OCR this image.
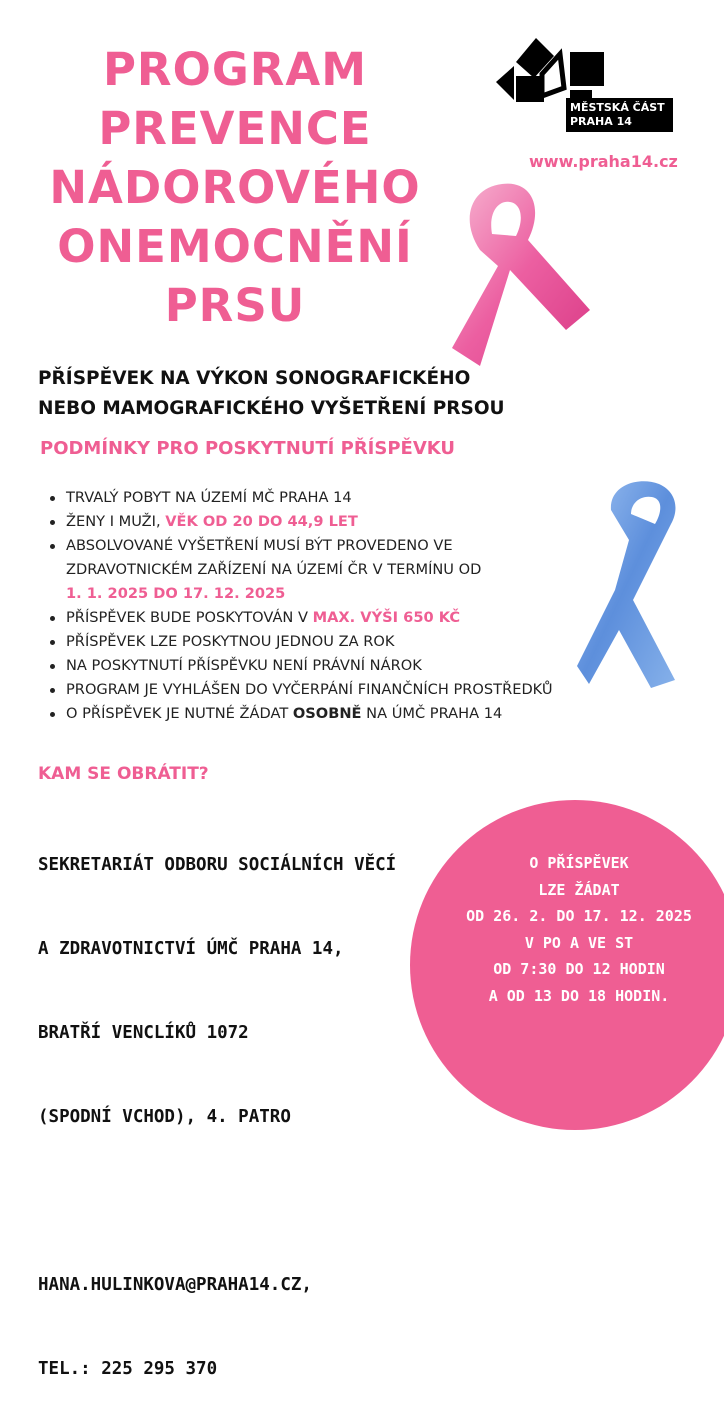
PROGRAM
PREVENCE
NÁDOROVÉHO
ONEMOCNĚNÍ
PRSU
MĚSTSKÁ ČÁST
PRAHA 14
www.praha14.cz
PŘÍSPĚVEK NA VÝKON SONOGRAFICKÉHO
NEBO MAMOGRAFICKÉHO VYŠETŘENÍ PRSOU
PODMÍNKY PRO POSKYTNUTÍ PŘÍSPĚVKU
TRVALÝ POBYT NA ÚZEMÍ MČ PRAHA 14
ŽENY I MUŽI, VĚK OD 20 DO 44,9 LET
ABSOLVOVANÉ VYŠETŘENÍ MUSÍ BÝT PROVEDENO VE
ZDRAVOTNICKÉM ZAŘÍZENÍ NA ÚZEMÍ ČR V TERMÍNU OD
1. 1. 2025 DO 17. 12. 2025
PŘÍSPĚVEK BUDE POSKYTOVÁN V MAX. VÝŠI 650 KČ
PŘÍSPĚVEK LZE POSKYTNOU JEDNOU ZA ROK
NA POSKYTNUTÍ PŘÍSPĚVKU NENÍ PRÁVNÍ NÁROK
PROGRAM JE VYHLÁŠEN DO VYČERPÁNÍ FINANČNÍCH PROSTŘEDKŮ
O PŘÍSPĚVEK JE NUTNÉ ŽÁDAT OSOBNĚ NA ÚMČ PRAHA 14
KAM SE OBRÁTIT?

SEKRETARIÁT ODBORU SOCIÁLNÍCH VĚCÍ

A ZDRAVOTNICTVÍ ÚMČ PRAHA 14,

BRATŘÍ VENCLÍKŮ 1072

(SPODNÍ VCHOD), 4. PATRO

HANA.HULINKOVA@PRAHA14.CZ,

TEL.: 225 295 370

O PŘÍSPĚVEK
LZE ŽÁDAT
OD 26. 2. DO 17. 12. 2025
V PO A VE ST
OD 7:30 DO 12 HODIN
A OD 13 DO 18 HODIN.
